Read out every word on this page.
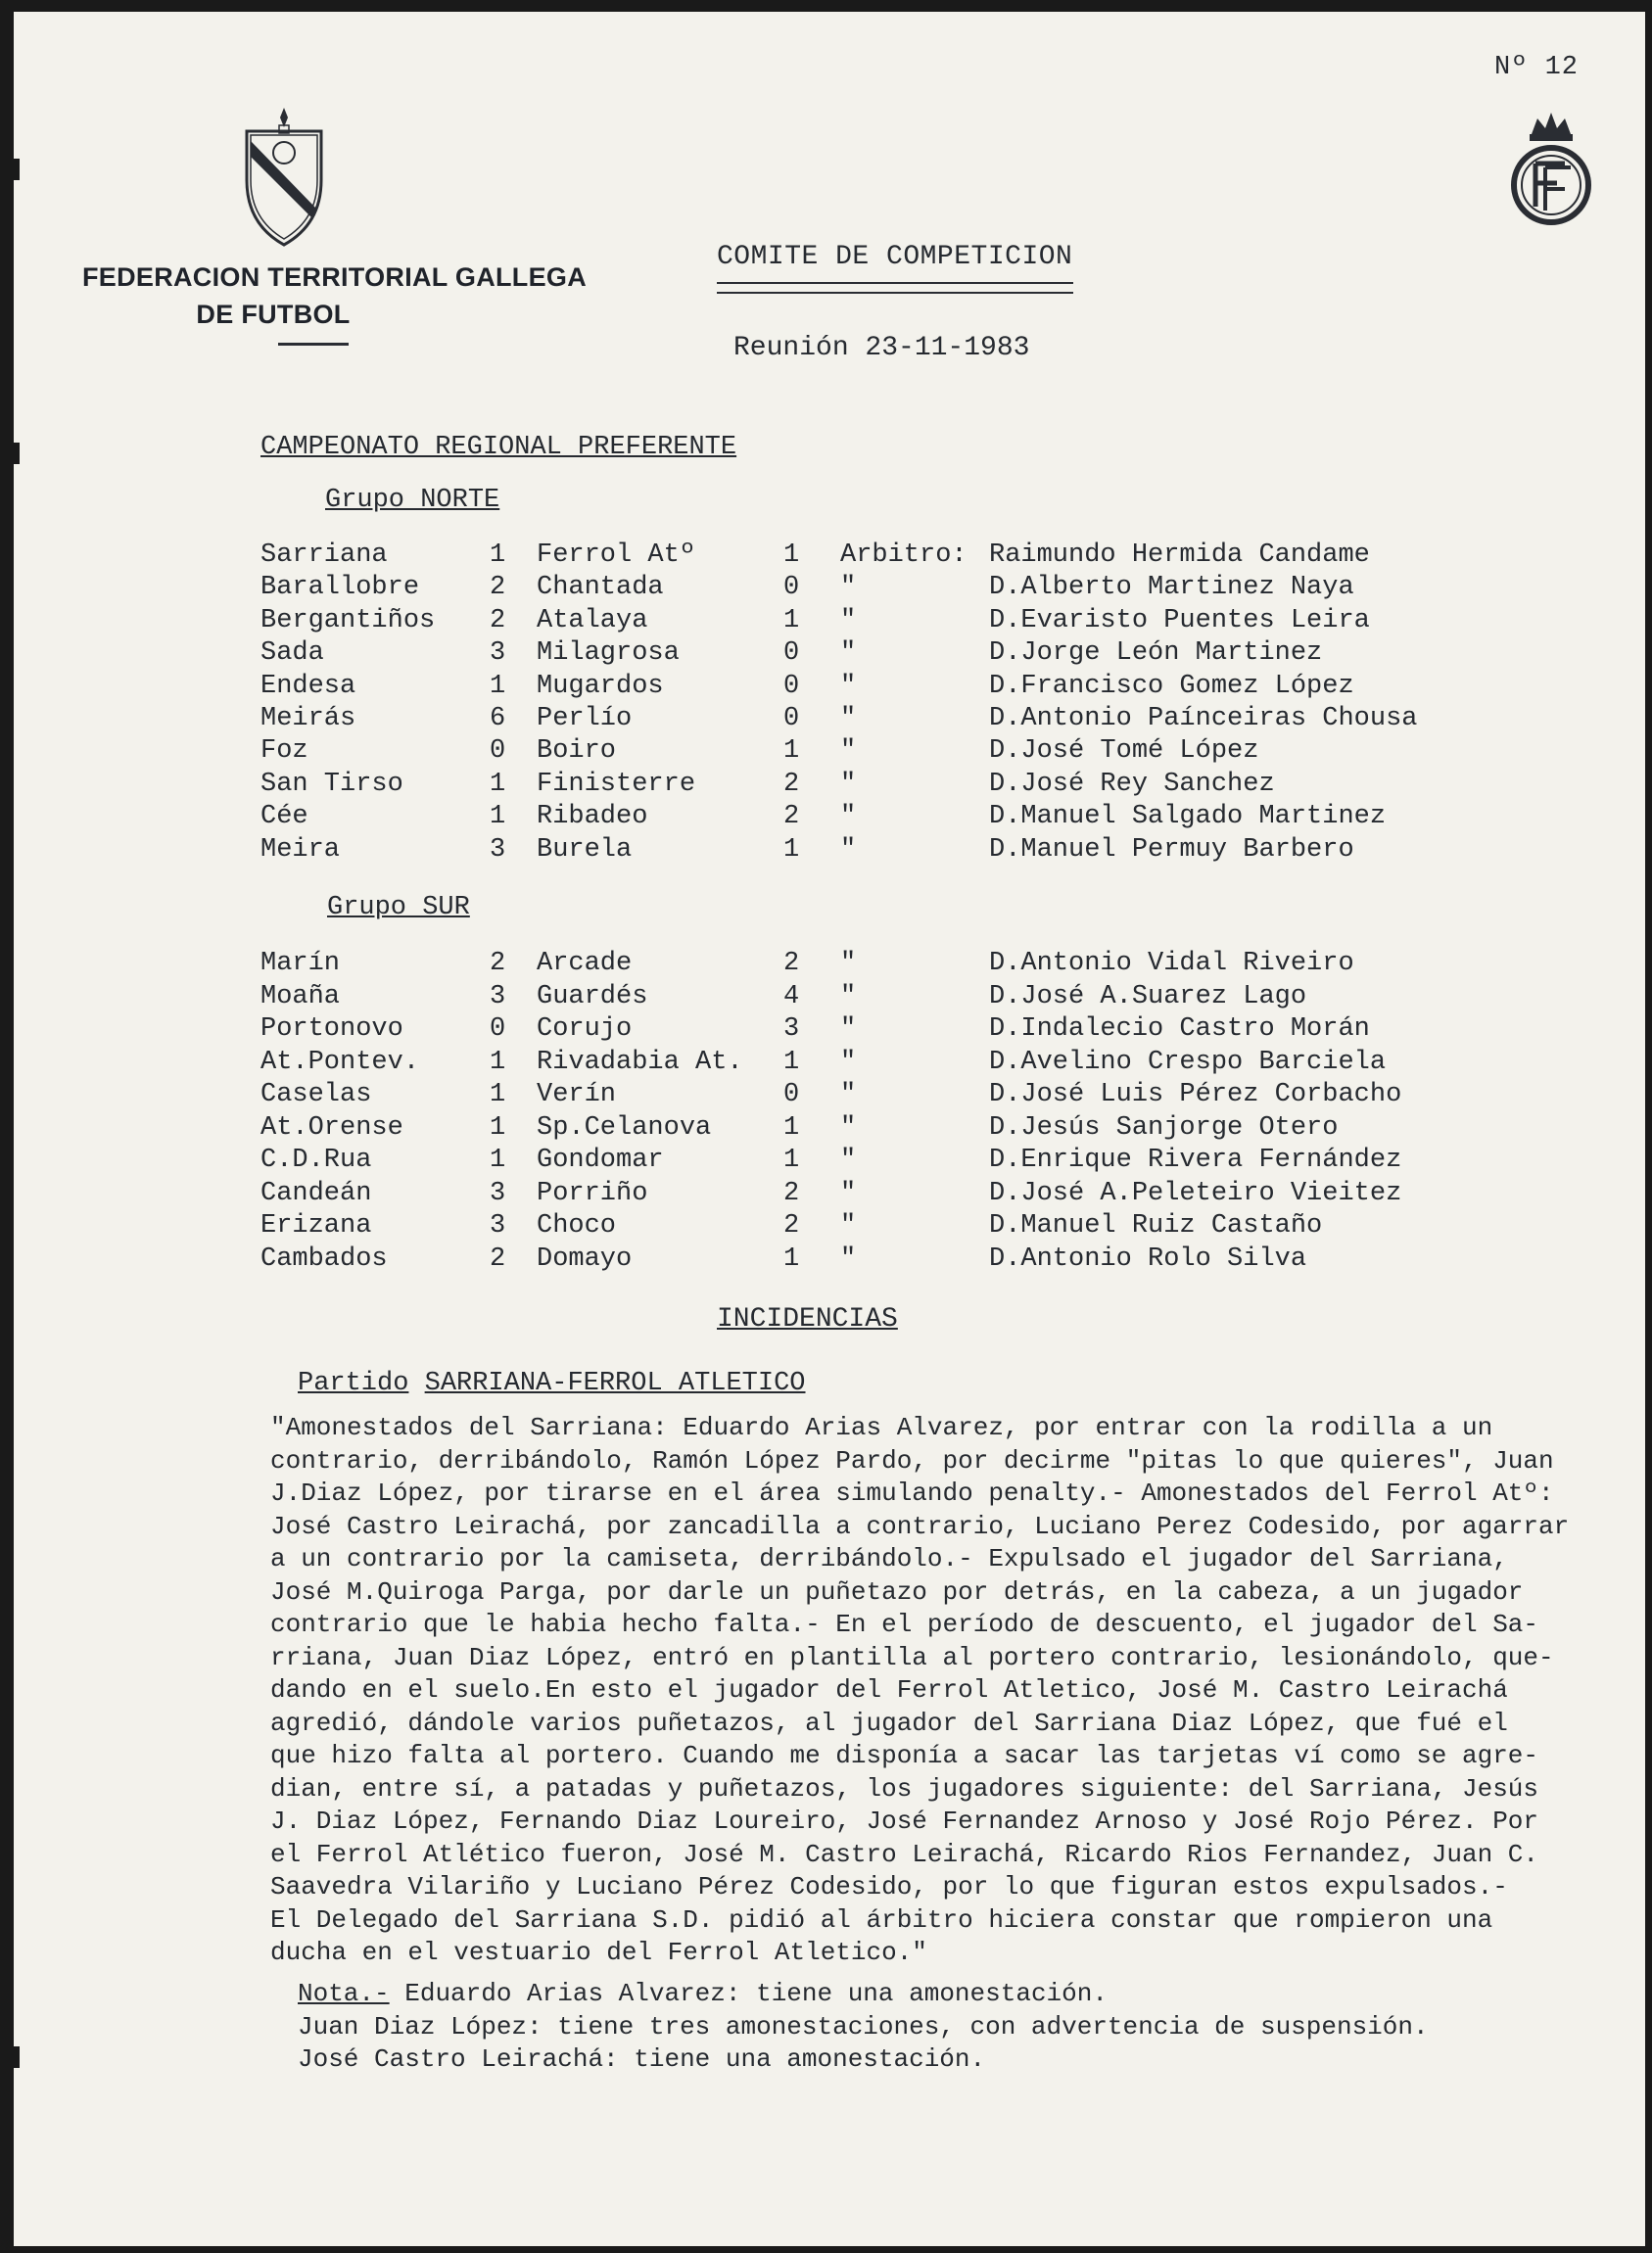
Nº 12
FEDERACION TERRITORIAL GALLEGA
DE FUTBOL
COMITE DE COMPETICION
Reunión 23-11-1983
CAMPEONATO REGIONAL PREFERENTE
Grupo NORTE
Sarriana	1 Ferrol Atº	1 Arbitro: Raimundo Hermida Candame
Barallobre	2 Chantada	0 "	D.Alberto Martinez Naya
Bergantiños 2 Atalaya	1 "	D.Evaristo Puentes Leira
Sada	3 Milagrosa	0 "	D.Jorge León Martinez
Endesa	1 Mugardos	0 "	D.Francisco Gomez López
Meirás	6 Perlío	0 "	D.Antonio Paínceiras Chousa
Foz	0 Boiro	1 "	D.José Tomé López
San Tirso	1 Finisterre	2 "	D.José Rey Sanchez
Cée	1 Ribadeo	2 "	D.Manuel Salgado Martinez
Meira	3 Burela	1 "	D.Manuel Permuy Barbero
Grupo SUR
Marín	2 Arcade	2 "	D.Antonio Vidal Riveiro
Moaña	3 Guardés	4 "	D.José A.Suarez Lago
Portonovo	0 Corujo	3 "	D.Indalecio Castro Morán
At.Pontev.	1 Rivadabia At. 1 "	D.Avelino Crespo Barciela
Caselas	1 Verín	0 "	D.José Luis Pérez Corbacho
At.Orense	1 Sp.Celanova	1 "	D.Jesús Sanjorge Otero
C.D.Rua	1 Gondomar	1 "	D.Enrique Rivera Fernández
Candeán	3 Porriño	2 "	D.José A.Peleteiro Vieitez
Erizana	3 Choco	2 "	D.Manuel Ruiz Castaño
Cambados	2 Domayo	1 "	D.Antonio Rolo Silva
INCIDENCIAS
Partido SARRIANA-FERROL ATLETICO
"Amonestados del Sarriana: Eduardo Arias Alvarez, por entrar con la rodilla a un
contrario, derribándolo, Ramón López Pardo, por decirme "pitas lo que quieres", Juan
J.Diaz López, por tirarse en el área simulando penalty.- Amonestados del Ferrol Atº:
José Castro Leirachá, por zancadilla a contrario, Luciano Perez Codesido, por agarrar
a un contrario por la camiseta, derribándolo.- Expulsado el jugador del Sarriana,
José M.Quiroga Parga, por darle un puñetazo por detrás, en la cabeza, a un jugador
contrario que le habia hecho falta.- En el período de descuento, el jugador del Sa-
rriana, Juan Diaz López, entró en plantilla al portero contrario, lesionándolo, que-
dando en el suelo.En esto el jugador del Ferrol Atletico, José M. Castro Leirachá
agredió, dándole varios puñetazos, al jugador del Sarriana Diaz López, que fué el
que hizo falta al portero. Cuando me disponía a sacar las tarjetas ví como se agre-
dian, entre sí, a patadas y puñetazos, los jugadores siguiente: del Sarriana, Jesús
J. Diaz López, Fernando Diaz Loureiro, José Fernandez Arnoso y José Rojo Pérez. Por
el Ferrol Atlético fueron, José M. Castro Leirachá, Ricardo Rios Fernandez, Juan C.
Saavedra Vilariño y Luciano Pérez Codesido, por lo que figuran estos expulsados.-
El Delegado del Sarriana S.D. pidió al árbitro hiciera constar que rompieron una
ducha en el vestuario del Ferrol Atletico."
Nota.- Eduardo Arias Alvarez: tiene una amonestación.
Juan Diaz López: tiene tres amonestaciones, con advertencia de suspensión.
José Castro Leirachá: tiene una amonestación.
